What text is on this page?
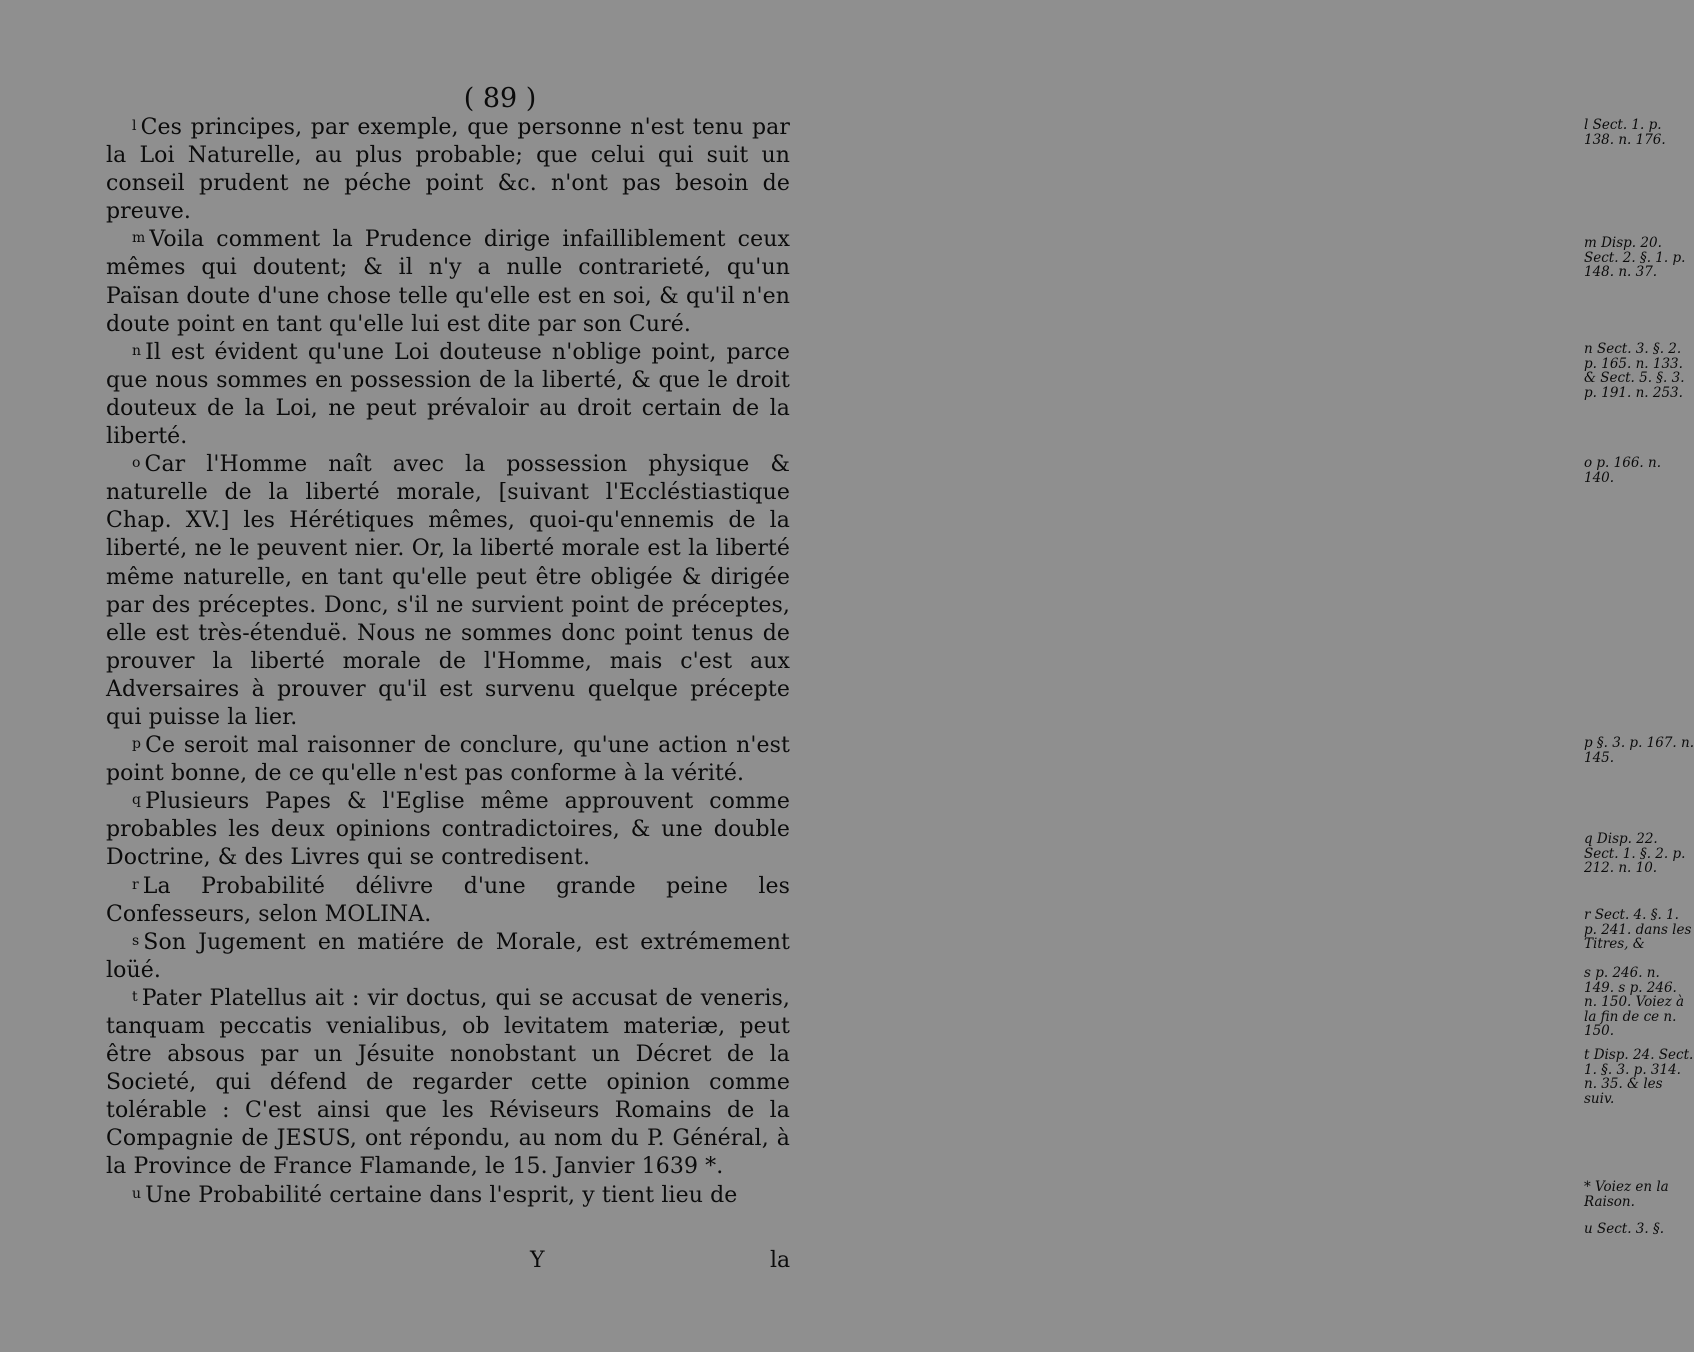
( 89 )

$^l$ Ces principes, par exemple, que personne n'est tenu par la Loi Naturelle, au plus probable; que celui qui suit un conseil prudent ne péche point &c. n'ont pas besoin de preuve.

$^m$ Voila comment la Prudence dirige infailliblement ceux mêmes qui doutent; & il n'y a nulle contrarieté, qu'un Païsan doute d'une chose telle qu'elle est en soi, & qu'il n'en doute point en tant qu'elle lui est dite par son Curé.

$^n$ Il est évident qu'une Loi douteuse n'oblige point, parce que nous sommes en possession de la liberté, & que le droit douteux de la Loi, ne peut prévaloir au droit certain de la liberté.

$^o$ Car l'Homme naît avec la possession physique & naturelle de la liberté morale, [suivant l'Eccléstiastique Chap. XV.] les Hérétiques mêmes, quoi-qu'ennemis de la liberté, ne le peuvent nier. Or, la liberté morale est la liberté même naturelle, en tant qu'elle peut être obligée & dirigée par des préceptes. Donc, s'il ne survient point de préceptes, elle est très-étenduë. Nous ne sommes donc point tenus de prouver la liberté morale de l'Homme, mais c'est aux Adversaires à prouver qu'il est survenu quelque précepte qui puisse la lier.

$^p$ Ce seroit mal raisonner de conclure, qu'une action n'est point bonne, de ce qu'elle n'est pas conforme à la vérité.

$^q$ Plusieurs Papes & l'Eglise même approuvent comme probables les deux opinions contradictoires, & une double Doctrine, & des Livres qui se contredisent.

$^r$ La Probabilité délivre d'une grande peine les Confesseurs, selon MOLINA.

$^s$ Son Jugement en matiére de Morale, est extrémement loüé.

$^t$ Pater Platellus ait : vir doctus, qui se accusat de veneris, tanquam peccatis venialibus, ob levitatem materiæ, peut être absous par un Jésuite nonobstant un Décret de la Societé, qui défend de regarder cette opinion comme tolérable : C'est ainsi que les Réviseurs Romains de la Compagnie de JESUS, ont répondu, au nom du P. Général, à la Province de France Flamande, le 15. Janvier 1639 *.

$^u$ Une Probabilité certaine dans l'esprit, y tient lieu de

l Sect. 1. p. 138. n. 176.
m Disp. 20. Sect. 2. §. 1. p. 148. n. 37.
n Sect. 3. §. 2. p. 165. n. 133. & Sect. 5. §. 3. p. 191. n. 253.
o p. 166. n. 140.
p §. 3. p. 167. n. 145.
q Disp. 22. Sect. 1. §. 2. p. 212. n. 10.
r Sect. 4. §. 1. p. 241. dans les Titres, &
s p. 246. n. 149. s p. 246. n. 150. Voiez à la fin de ce n. 150.
t Disp. 24. Sect. 1. §. 3. p. 314. n. 35. & les suiv.
* Voiez en la Raison.
u Sect. 3. §.
Y	la
